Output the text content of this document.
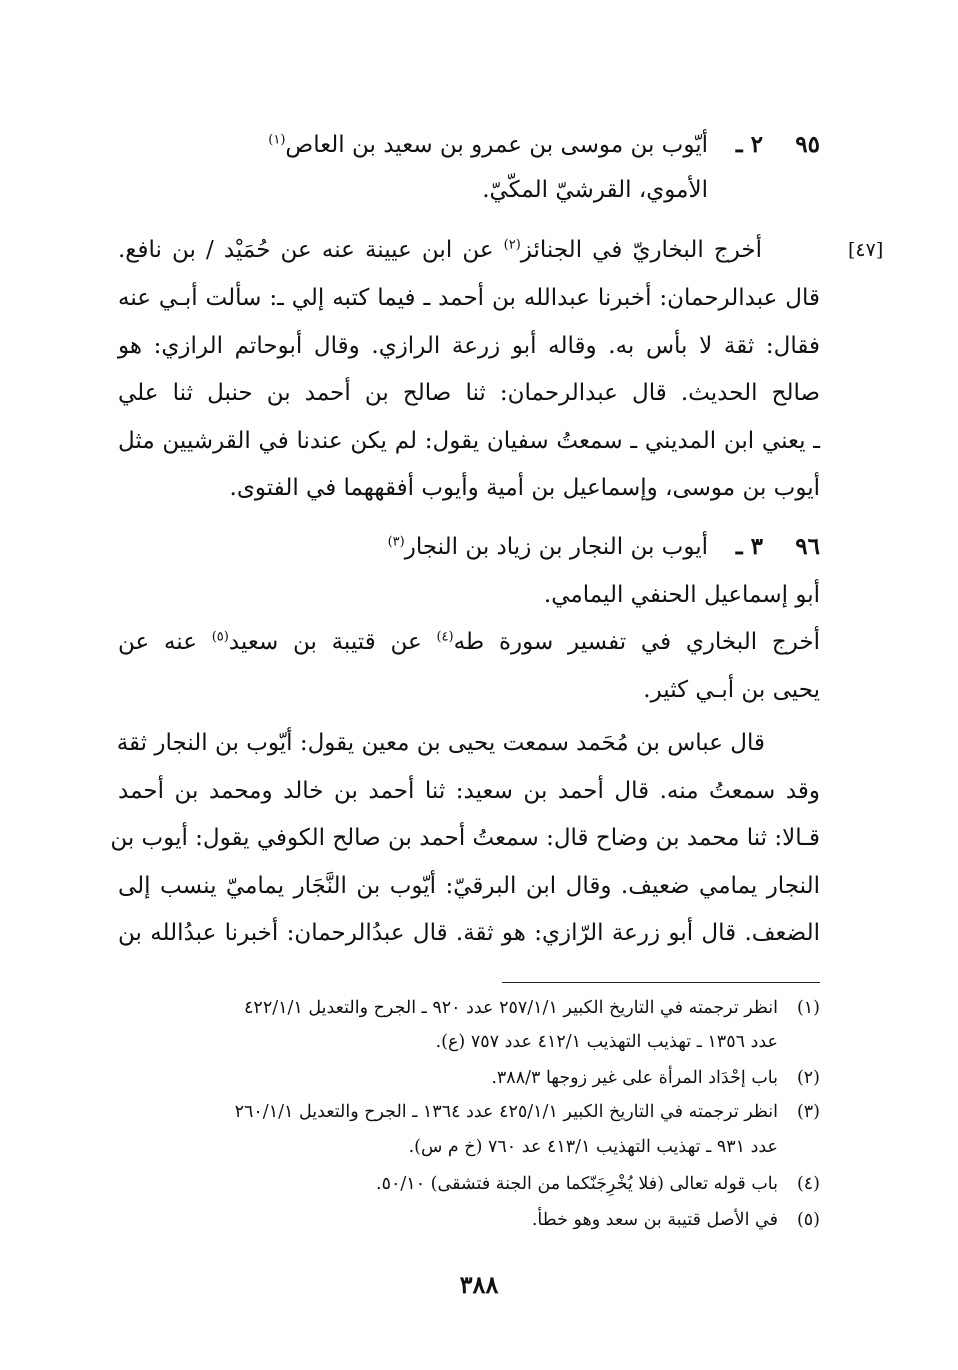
٩٥
٢ ـ
أيّوب بن موسى بن عمرو بن سعيد بن العاص$^{(١)}$
الأموي، القرشيّ المكّيّ.
[٤٧]
أخرج البخاريّ في الجنائز$^{(٢)}$ عن ابن عيينة عنه عن حُمَيْد / بن نافع.
قال عبدالرحمان: أخبرنا عبدالله بن أحمد ـ فيما كتبه إلي ـ: سألت أبـي عنه
فقال: ثقة لا بأس به. وقاله أبو زرعة الرازي. وقال أبوحاتم الرازي: هو
صالح الحديث. قال عبدالرحمان: ثنا صالح بن أحمد بن حنبل ثنا علي
ـ يعني ابن المديني ـ سمعتُ سفيان يقول: لم يكن عندنا في القرشيين مثل
أيوب بن موسى، وإسماعيل بن أمية وأيوب أفقههما في الفتوى.
٩٦
٣ ـ
أيوب بن النجار بن زياد بن النجار$^{(٣)}$
أبو إسماعيل الحنفي اليمامي.
أخرج البخاري في تفسير سورة طه$^{(٤)}$ عن قتيبة بن سعيد$^{(٥)}$ عنه عن
يحيى بن أبـي كثير.
قال عباس بن مُحَمد سمعت يحيى بن معين يقول: أيّوب بن النجار ثقة
وقد سمعتُ منه. قال أحمد بن سعيد: ثنا أحمد بن خالد ومحمد بن أحمد
قـالا: ثنا محمد بن وضاح قال: سمعتُ أحمد بن صالح الكوفي يقول: أيوب بن
النجار يمامي ضعيف. وقال ابن البرقيّ: أيّوب بن النَّجَار يماميّ ينسب إلى
الضعف. قال أبو زرعة الرّازي: هو ثقة. قال عبدُالرحمان: أخبرنا عبدُالله بن
(١)
انظر ترجمته في التاريخ الكبير ٢٥٧/١/١ عدد ٩٢٠ ـ الجرح والتعديل ٤٢٢/١/١
عدد ١٣٥٦ ـ تهذيب التهذيب ٤١٢/١ عدد ٧٥٧ (ع).
(٢)
باب إحْدَاد المرأة على غير زوجها ٣٨٨/٣.
(٣)
انظر ترجمته في التاريخ الكبير ٤٢٥/١/١ عدد ١٣٦٤ ـ الجرح والتعديل ٢٦٠/١/١
عدد ٩٣١ ـ تهذيب التهذيب ٤١٣/١ عد ٧٦٠ (خ م س).
(٤)
باب قوله تعالى (فلا يُخْرِجَنّكما من الجنة فتشقى) ٥٠/١٠.
(٥)
في الأصل قتيبة بن سعد وهو خطأ.
٣٨٨
